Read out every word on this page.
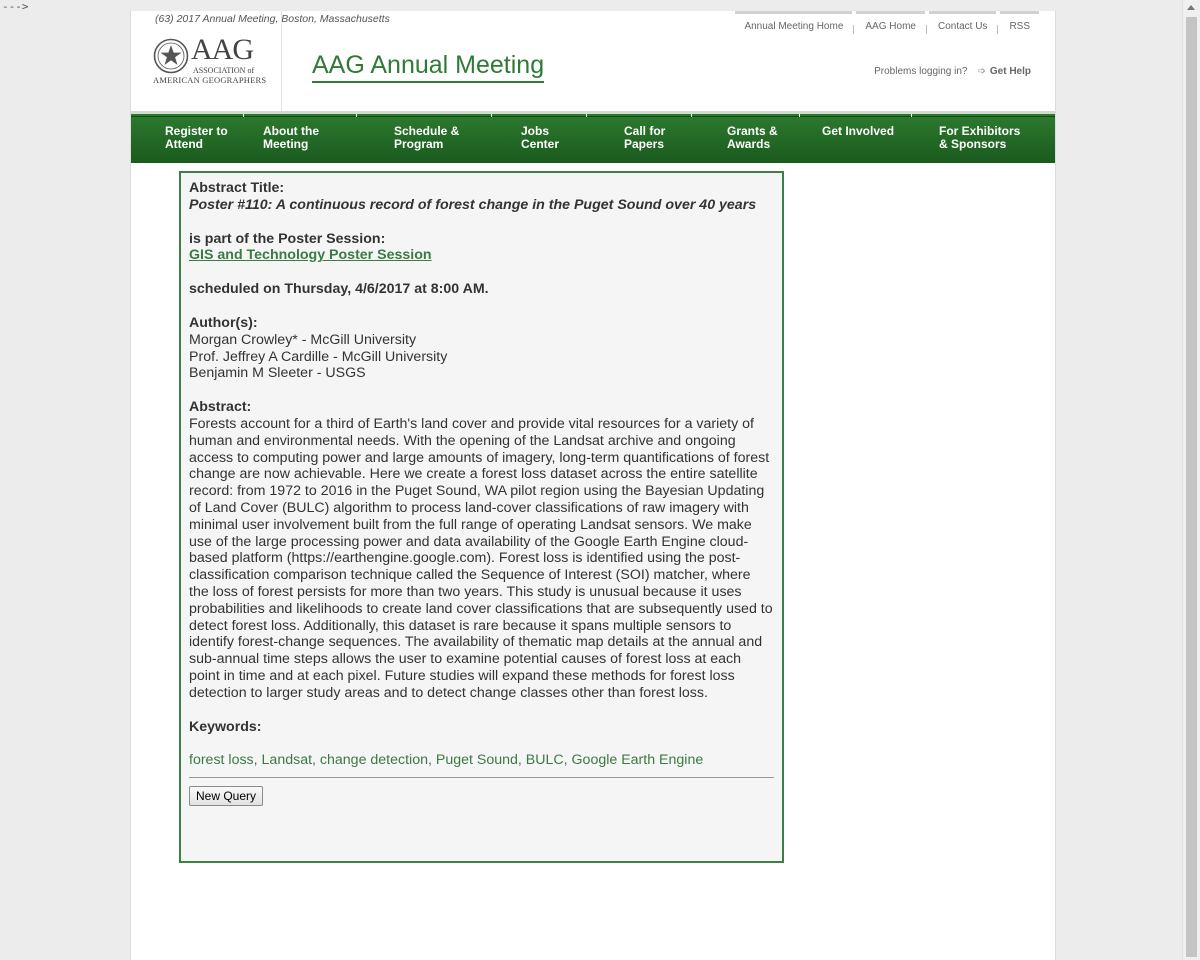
--->
(63) 2017 Annual Meeting, Boston, Massachusetts
AAG
ASSOCIATION of
AMERICAN GEOGRAPHERS
AAG Annual Meeting
Annual Meeting Home	AAG Home	Contact Us	RSS
Problems logging in? ➩ Get Help
Register to
Attend
About the
Meeting
Schedule &
Program
Jobs
Center
Call for
Papers
Grants &
Awards
Get Involved	For Exhibitors
& Sponsors
Abstract Title:
Poster #110: A continuous record of forest change in the Puget Sound over 40 years
is part of the Poster Session:
GIS and Technology Poster Session
scheduled on Thursday, 4/6/2017 at 8:00 AM.
Author(s):
Morgan Crowley* - McGill University
Prof. Jeffrey A Cardille - McGill University
Benjamin M Sleeter - USGS
Abstract:
Forests account for a third of Earth's land cover and provide vital resources for a variety of human and environmental needs. With the opening of the Landsat archive and ongoing access to computing power and large amounts of imagery, long-term quantifications of forest change are now achievable. Here we create a forest loss dataset across the entire satellite record: from 1972 to 2016 in the Puget Sound, WA pilot region using the Bayesian Updating of Land Cover (BULC) algorithm to process land-cover classifications of raw imagery with minimal user involvement built from the full range of operating Landsat sensors. We make use of the large processing power and data availability of the Google Earth Engine cloud-based platform (https://earthengine.google.com). Forest loss is identified using the post-classification comparison technique called the Sequence of Interest (SOI) matcher, where the loss of forest persists for more than two years. This study is unusual because it uses probabilities and likelihoods to create land cover classifications that are subsequently used to detect forest loss. Additionally, this dataset is rare because it spans multiple sensors to identify forest-change sequences. The availability of thematic map details at the annual and sub-annual time steps allows the user to examine potential causes of forest loss at each point in time and at each pixel. Future studies will expand these methods for forest loss detection to larger study areas and to detect change classes other than forest loss.
Keywords:
forest loss, Landsat, change detection, Puget Sound, BULC, Google Earth Engine
New Query
